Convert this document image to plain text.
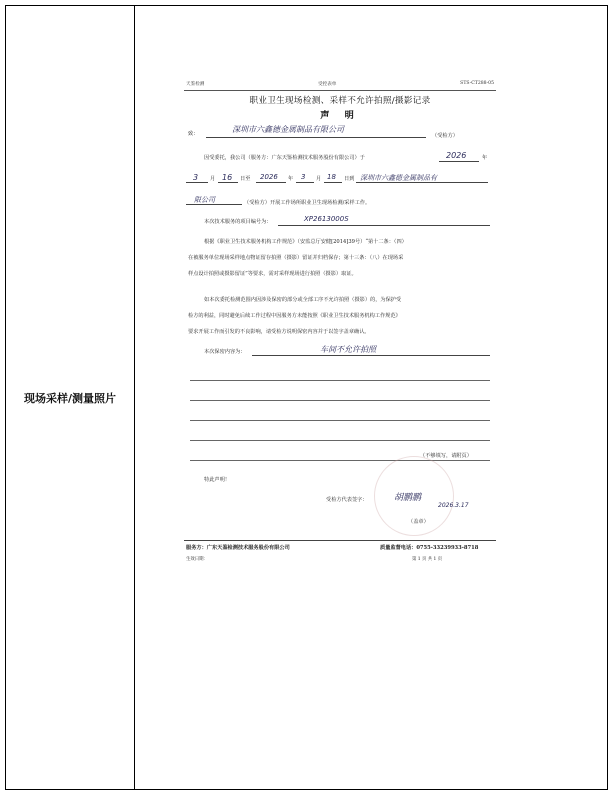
现场采样/测量照片
天鉴检测	受控表单	STS-CT288-05
职业卫生现场检测、采样不允许拍照/摄影记录
声 明
致：	深圳市六鑫德金属制品有限公司
（受检方）
因受委托，我公司（服务方：广东天鉴检测技术服务股份有限公司）于	2026	年
3 月 16 日至 2026 年 3 月 18 日到 深圳市六鑫德金属制品有
限公司	（受检方）开展工作场所职业卫生现场检测/采样工作。
本次技术服务的项目编号为：	XP2613000S
根据《职业卫生技术服务机构工作规范》（安监总厅安健[2014]39号）“第十二条：（四）
在被服务单位现场采样地点物证留存拍照（摄影）留证并归档保存；第十三条：（八）在现场采
样点设计拍照或摄影留证”等要求，需对采样现场进行拍照（摄影）取证。
如本次委托检测范围内因涉及保密的部分或全部工序不允许拍照（摄影）的，为保护受
检方的利益，同时避免后续工作过程中因服务方未能按照《职业卫生技术服务机构工作规范》
要求开展工作而引发的不良影响，请受检方说明保密内容并于以签字盖章确认。
本次保密内容为：	车间不允许拍照
（不够填写，请附页）
特此声明！
受检方代表签字：	胡鹏鹏
2026.3.17
（盖章）
服务方：广东天鉴检测技术服务股份有限公司	质量监督电话：0755-33239933-8718
生效日期：	第 1 页 共 1 页
